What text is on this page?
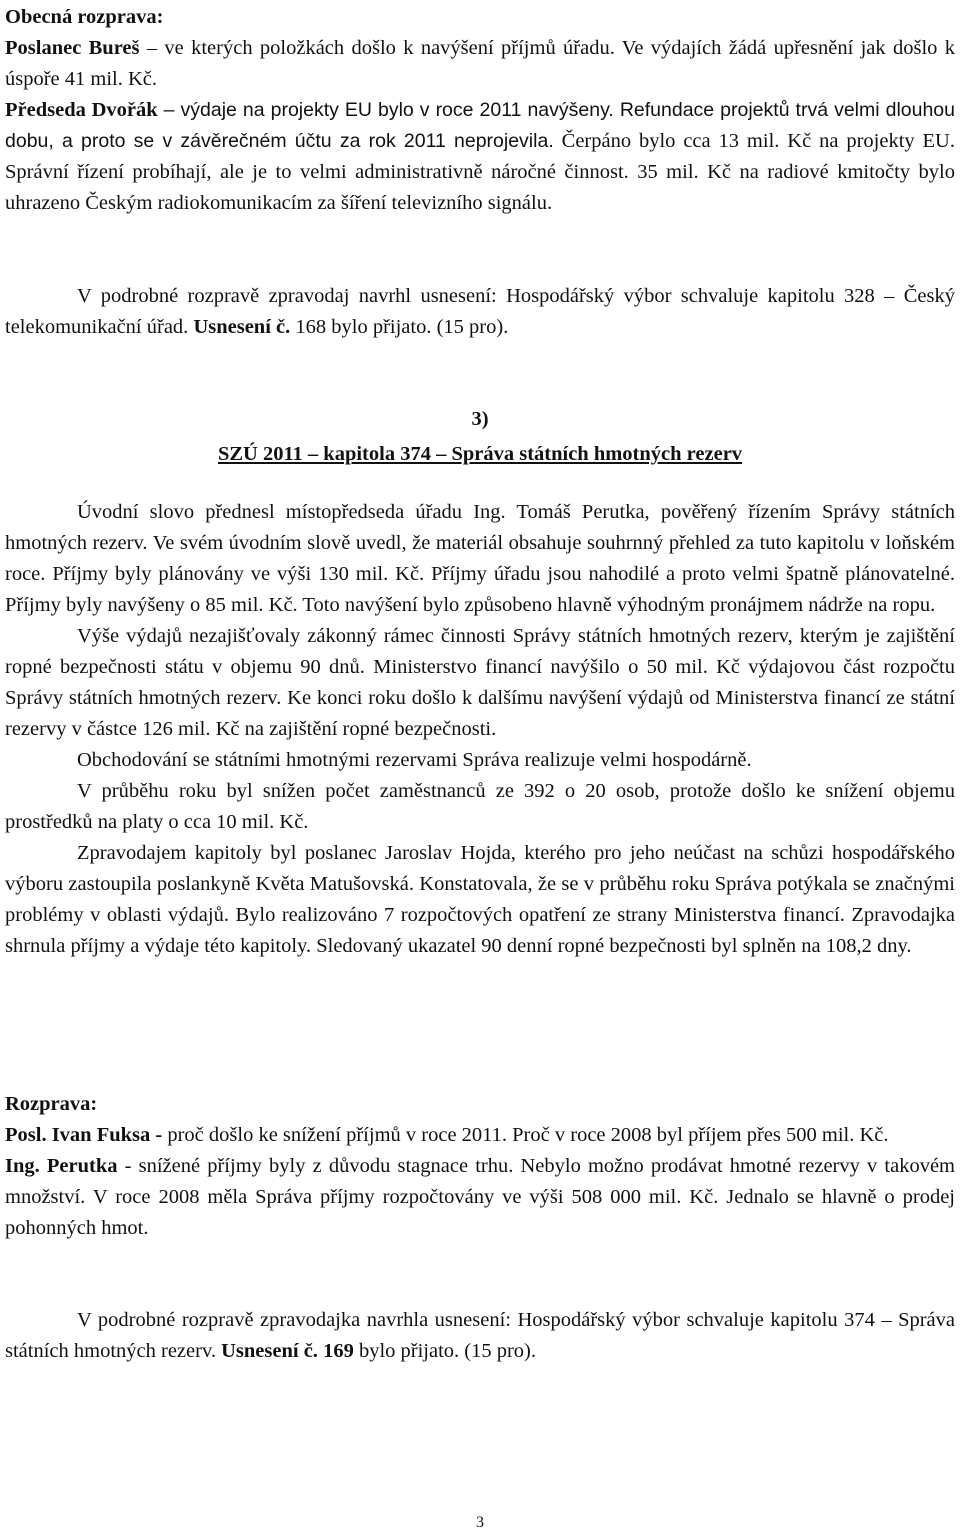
Obecná rozprava:

Poslanec Bureš – ve kterých položkách došlo k navýšení příjmů úřadu. Ve výdajích žádá upřesnění jak došlo k úspoře 41 mil. Kč.

Předseda Dvořák – výdaje na projekty EU bylo v roce 2011 navýšeny. Refundace projektů trvá velmi dlouhou dobu, a proto se v závěrečném účtu za rok 2011 neprojevila. Čerpáno bylo cca 13 mil. Kč na projekty EU. Správní řízení probíhají, ale je to velmi administrativně náročné činnost. 35 mil. Kč na radiové kmitočty bylo uhrazeno Českým radiokomunikacím za šíření televizního signálu.

V podrobné rozpravě zpravodaj navrhl usnesení: Hospodářský výbor schvaluje kapitolu 328 – Český telekomunikační úřad. Usnesení č. 168 bylo přijato. (15 pro).

3)

SZÚ 2011 – kapitola 374 – Správa státních hmotných rezerv

Úvodní slovo přednesl místopředseda úřadu Ing. Tomáš Perutka, pověřený řízením Správy státních hmotných rezerv. Ve svém úvodním slově uvedl, že materiál obsahuje souhrnný přehled za tuto kapitolu v loňském roce. Příjmy byly plánovány ve výši 130 mil. Kč. Příjmy úřadu jsou nahodilé a proto velmi špatně plánovatelné. Příjmy byly navýšeny o 85 mil. Kč. Toto navýšení bylo způsobeno hlavně výhodným pronájmem nádrže na ropu.

Výše výdajů nezajišťovaly zákonný rámec činnosti Správy státních hmotných rezerv, kterým je zajištění ropné bezpečnosti státu v objemu 90 dnů. Ministerstvo financí navýšilo o 50 mil. Kč výdajovou část rozpočtu Správy státních hmotných rezerv. Ke konci roku došlo k dalšímu navýšení výdajů od Ministerstva financí ze státní rezervy v částce 126 mil. Kč na zajištění ropné bezpečnosti.

Obchodování se státními hmotnými rezervami Správa realizuje velmi hospodárně.

V průběhu roku byl snížen počet zaměstnanců ze 392 o 20 osob, protože došlo ke snížení objemu prostředků na platy o cca 10 mil. Kč.

Zpravodajem kapitoly byl poslanec Jaroslav Hojda, kterého pro jeho neúčast na schůzi hospodářského výboru zastoupila poslankyně Květa Matušovská. Konstatovala, že se v průběhu roku Správa potýkala se značnými problémy v oblasti výdajů. Bylo realizováno 7 rozpočtových opatření ze strany Ministerstva financí. Zpravodajka shrnula příjmy a výdaje této kapitoly. Sledovaný ukazatel 90 denní ropné bezpečnosti byl splněn na 108,2 dny.

Rozprava:

Posl. Ivan Fuksa - proč došlo ke snížení příjmů v roce 2011. Proč v roce 2008 byl příjem přes 500 mil. Kč.

Ing. Perutka - snížené příjmy byly z důvodu stagnace trhu. Nebylo možno prodávat hmotné rezervy v takovém množství. V roce 2008 měla Správa příjmy rozpočtovány ve výši 508 000 mil. Kč. Jednalo se hlavně o prodej pohonných hmot.

V podrobné rozpravě zpravodajka navrhla usnesení: Hospodářský výbor schvaluje kapitolu 374 – Správa státních hmotných rezerv. Usnesení č. 169 bylo přijato. (15 pro).

3
